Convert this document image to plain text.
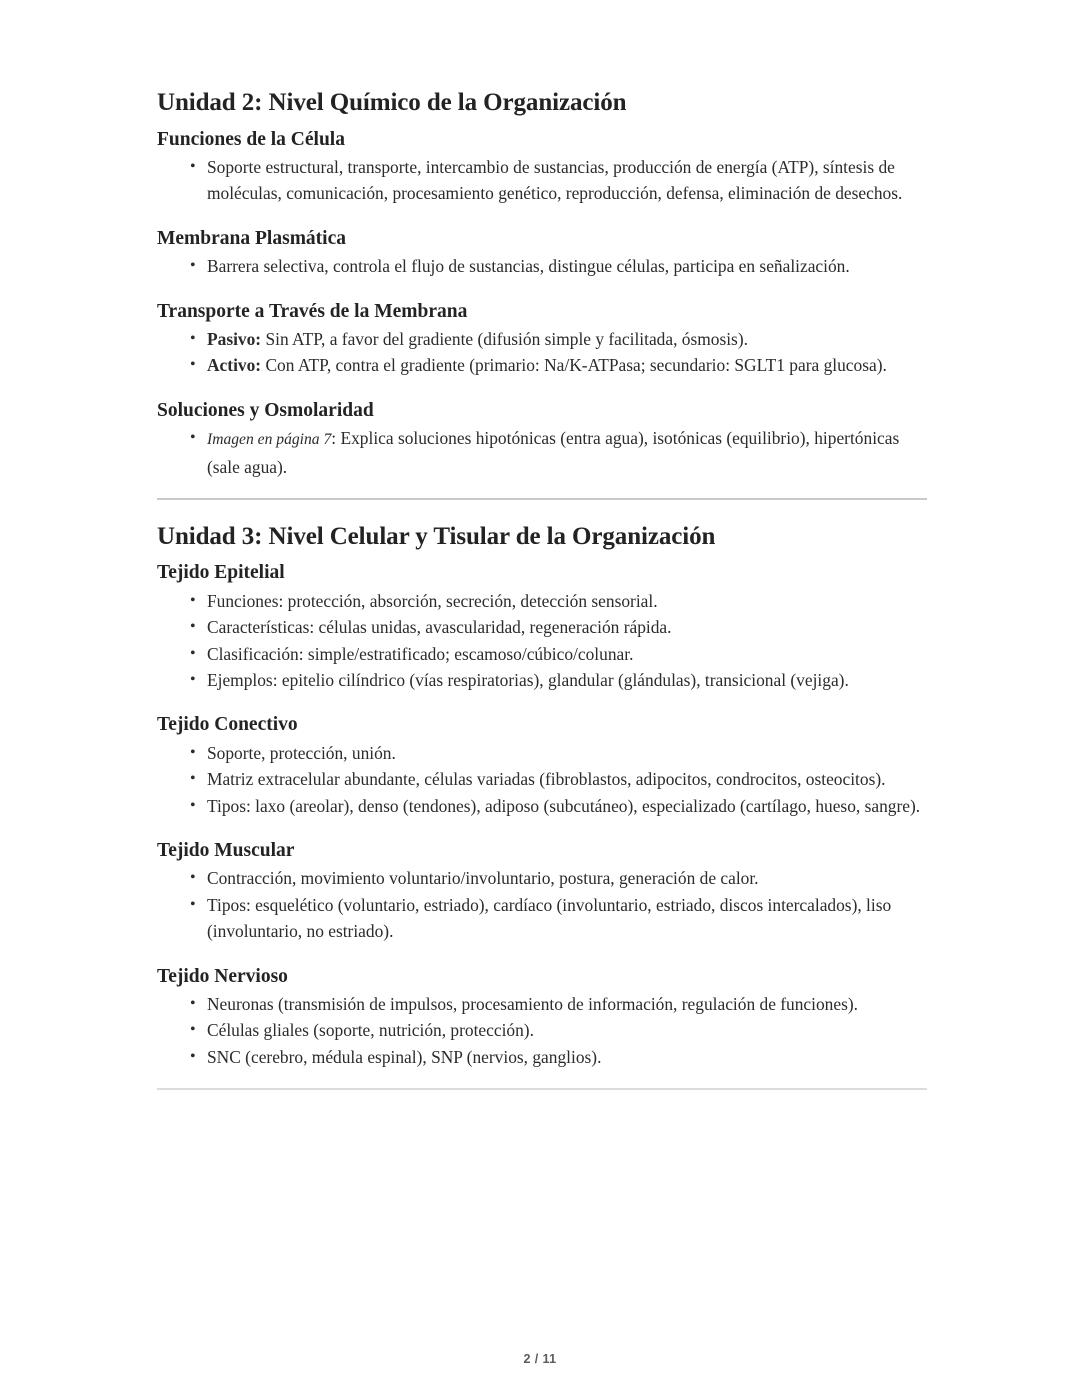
Unidad 2: Nivel Químico de la Organización
Funciones de la Célula
• Soporte estructural, transporte, intercambio de sustancias, producción de energía (ATP), síntesis de moléculas, comunicación, procesamiento genético, reproducción, defensa, eliminación de desechos.
Membrana Plasmática
• Barrera selectiva, controla el flujo de sustancias, distingue células, participa en señalización.
Transporte a Través de la Membrana
• Pasivo: Sin ATP, a favor del gradiente (difusión simple y facilitada, ósmosis).
• Activo: Con ATP, contra el gradiente (primario: Na/K-ATPasa; secundario: SGLT1 para glucosa).
Soluciones y Osmolaridad
• Imagen en página 7: Explica soluciones hipotónicas (entra agua), isotónicas (equilibrio), hipertónicas (sale agua).
Unidad 3: Nivel Celular y Tisular de la Organización
Tejido Epitelial
• Funciones: protección, absorción, secreción, detección sensorial.
• Características: células unidas, avascularidad, regeneración rápida.
• Clasificación: simple/estratificado; escamoso/cúbico/colunar.
• Ejemplos: epitelio cilíndrico (vías respiratorias), glandular (glándulas), transicional (vejiga).
Tejido Conectivo
• Soporte, protección, unión.
• Matriz extracelular abundante, células variadas (fibroblastos, adipocitos, condrocitos, osteocitos).
• Tipos: laxo (areolar), denso (tendones), adiposo (subcutáneo), especializado (cartílago, hueso, sangre).
Tejido Muscular
• Contracción, movimiento voluntario/involuntario, postura, generación de calor.
• Tipos: esquelético (voluntario, estriado), cardíaco (involuntario, estriado, discos intercalados), liso (involuntario, no estriado).
Tejido Nervioso
• Neuronas (transmisión de impulsos, procesamiento de información, regulación de funciones).
• Células gliales (soporte, nutrición, protección).
• SNC (cerebro, médula espinal), SNP (nervios, ganglios).
2 / 11
